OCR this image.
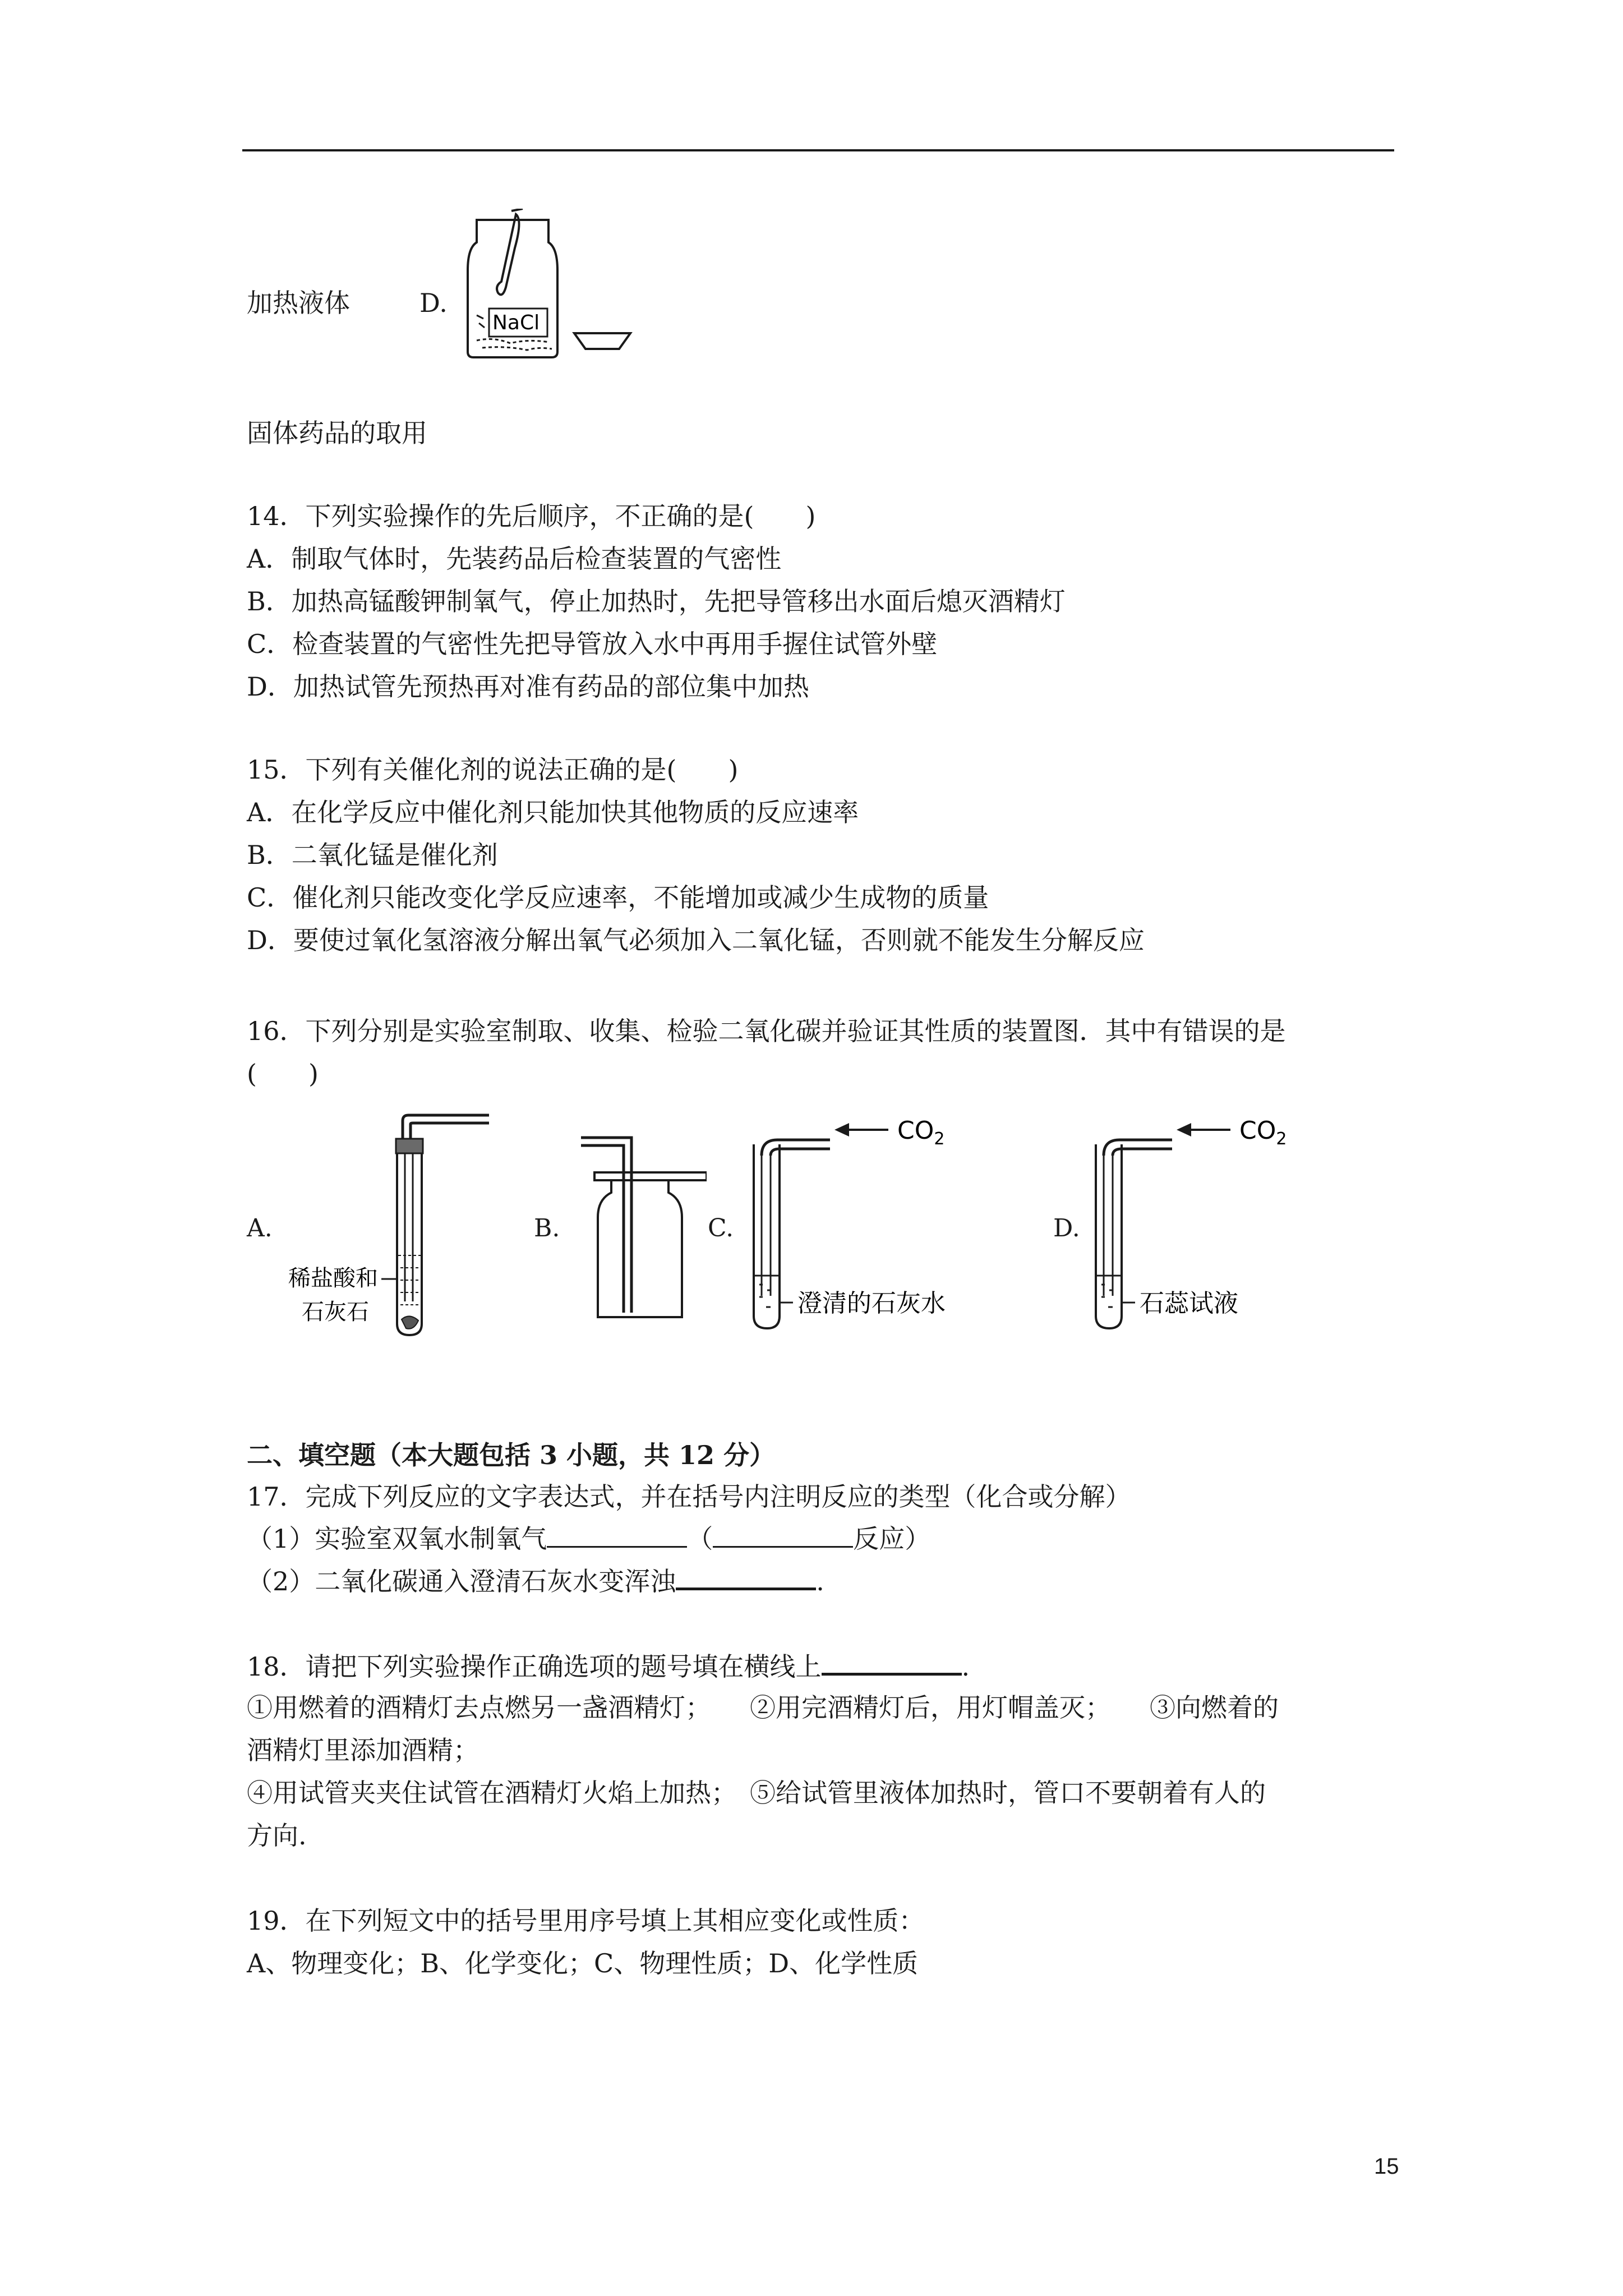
加热液体	D.
NaCl
固体药品的取用
14．下列实验操作的先后顺序，不正确的是(　　)
A．制取气体时，先装药品后检查装置的气密性
B．加热高锰酸钾制氧气，停止加热时，先把导管移出水面后熄灭酒精灯
C．检查装置的气密性先把导管放入水中再用手握住试管外壁
D．加热试管先预热再对准有药品的部位集中加热
15．下列有关催化剂的说法正确的是(　　)
A．在化学反应中催化剂只能加快其他物质的反应速率
B．二氧化锰是催化剂
C．催化剂只能改变化学反应速率，不能增加或减少生成物的质量
D．要使过氧化氢溶液分解出氧气必须加入二氧化锰，否则就不能发生分解反应
16．下列分别是实验室制取、收集、检验二氧化碳并验证其性质的装置图．其中有错误的是
(　　)
A.	B.	C.	D.
稀盐酸和
石灰石	澄清的石灰水
$CO_2$
石蕊试液
$CO_2$
二、填空题（本大题包括 3 小题，共 12 分）
17．完成下列反应的文字表达式，并在括号内注明反应的类型（化合或分解）
（1）实验室双氧水制氧气	（	反应）
（2）二氧化碳通入澄清石灰水变浑浊	.
18．请把下列实验操作正确选项的题号填在横线上	.
①用燃着的酒精灯去点燃另一盏酒精灯；　　②用完酒精灯后，用灯帽盖灭；　　③向燃着的
酒精灯里添加酒精；
④用试管夹夹住试管在酒精灯火焰上加热；　⑤给试管里液体加热时，管口不要朝着有人的
方向.
19．在下列短文中的括号里用序号填上其相应变化或性质：
A、物理变化；B、化学变化；C、物理性质；D、化学性质
15
